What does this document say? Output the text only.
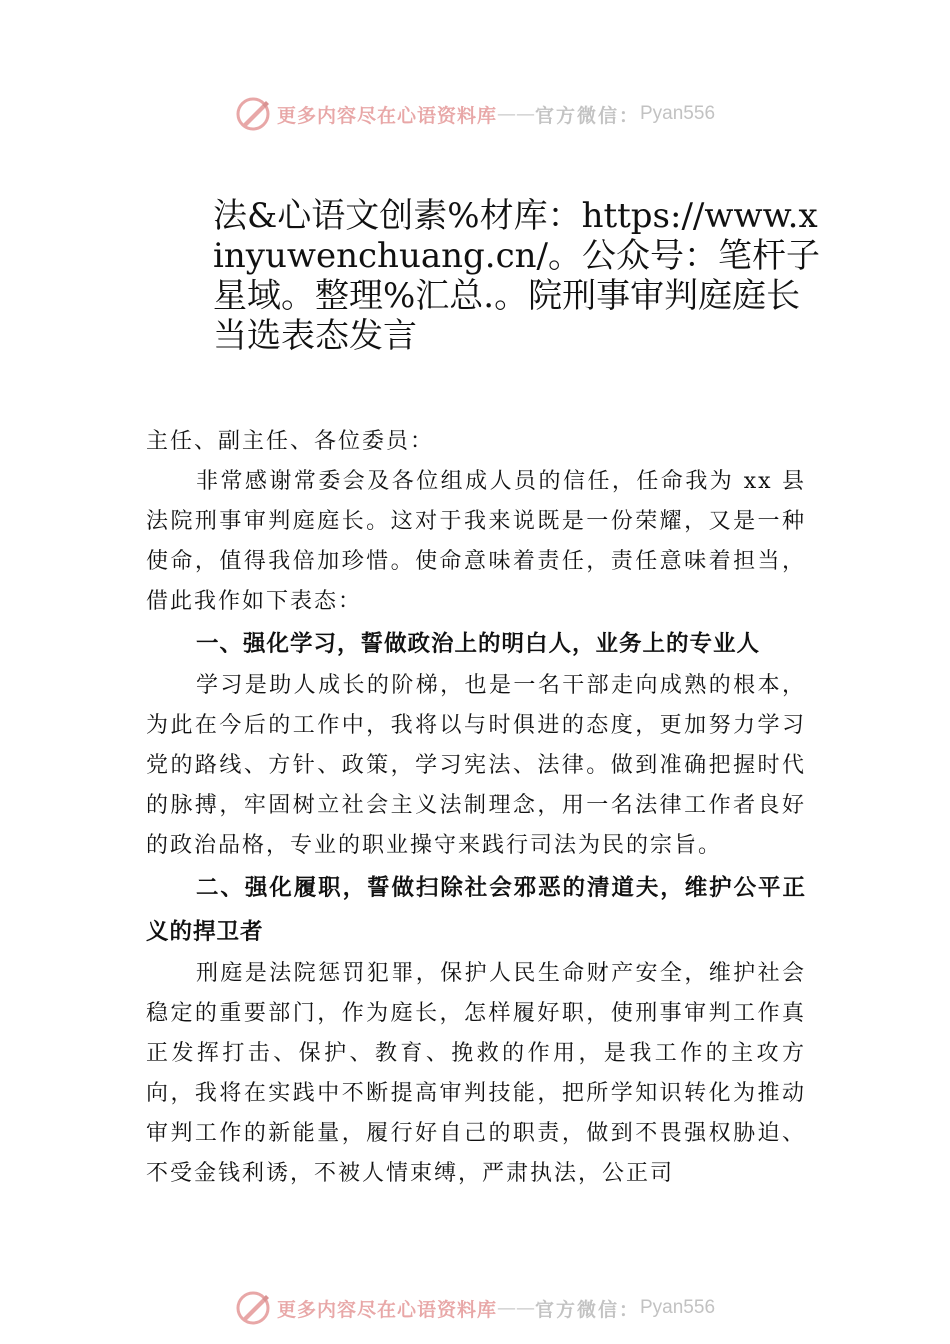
更多内容尽在心语资料库 —— 官方微信： Pyan556
法&心语文创素%材库：https://www.xinyuwenchuang.cn/。公众号：笔杆子星域。整理%汇总.。院刑事审判庭庭长当选表态发言

主任、副主任、各位委员：

非常感谢常委会及各位组成人员的信任，任命我为 xx 县法院刑事审判庭庭长。这对于我来说既是一份荣耀，又是一种使命，值得我倍加珍惜。使命意味着责任，责任意味着担当，借此我作如下表态：

一、强化学习，誓做政治上的明白人，业务上的专业人

学习是助人成长的阶梯，也是一名干部走向成熟的根本，为此在今后的工作中，我将以与时俱进的态度，更加努力学习党的路线、方针、政策，学习宪法、法律。做到准确把握时代的脉搏，牢固树立社会主义法制理念，用一名法律工作者良好的政治品格，专业的职业操守来践行司法为民的宗旨。

二、强化履职，誓做扫除社会邪恶的清道夫，维护公平正义的捍卫者

刑庭是法院惩罚犯罪，保护人民生命财产安全，维护社会稳定的重要部门，作为庭长，怎样履好职，使刑事审判工作真正发挥打击、保护、教育、挽救的作用，是我工作的主攻方向，我将在实践中不断提高审判技能，把所学知识转化为推动审判工作的新能量，履行好自己的职责，做到不畏强权胁迫、不受金钱利诱，不被人情束缚，严肃执法，公正司

更多内容尽在心语资料库 —— 官方微信： Pyan556
